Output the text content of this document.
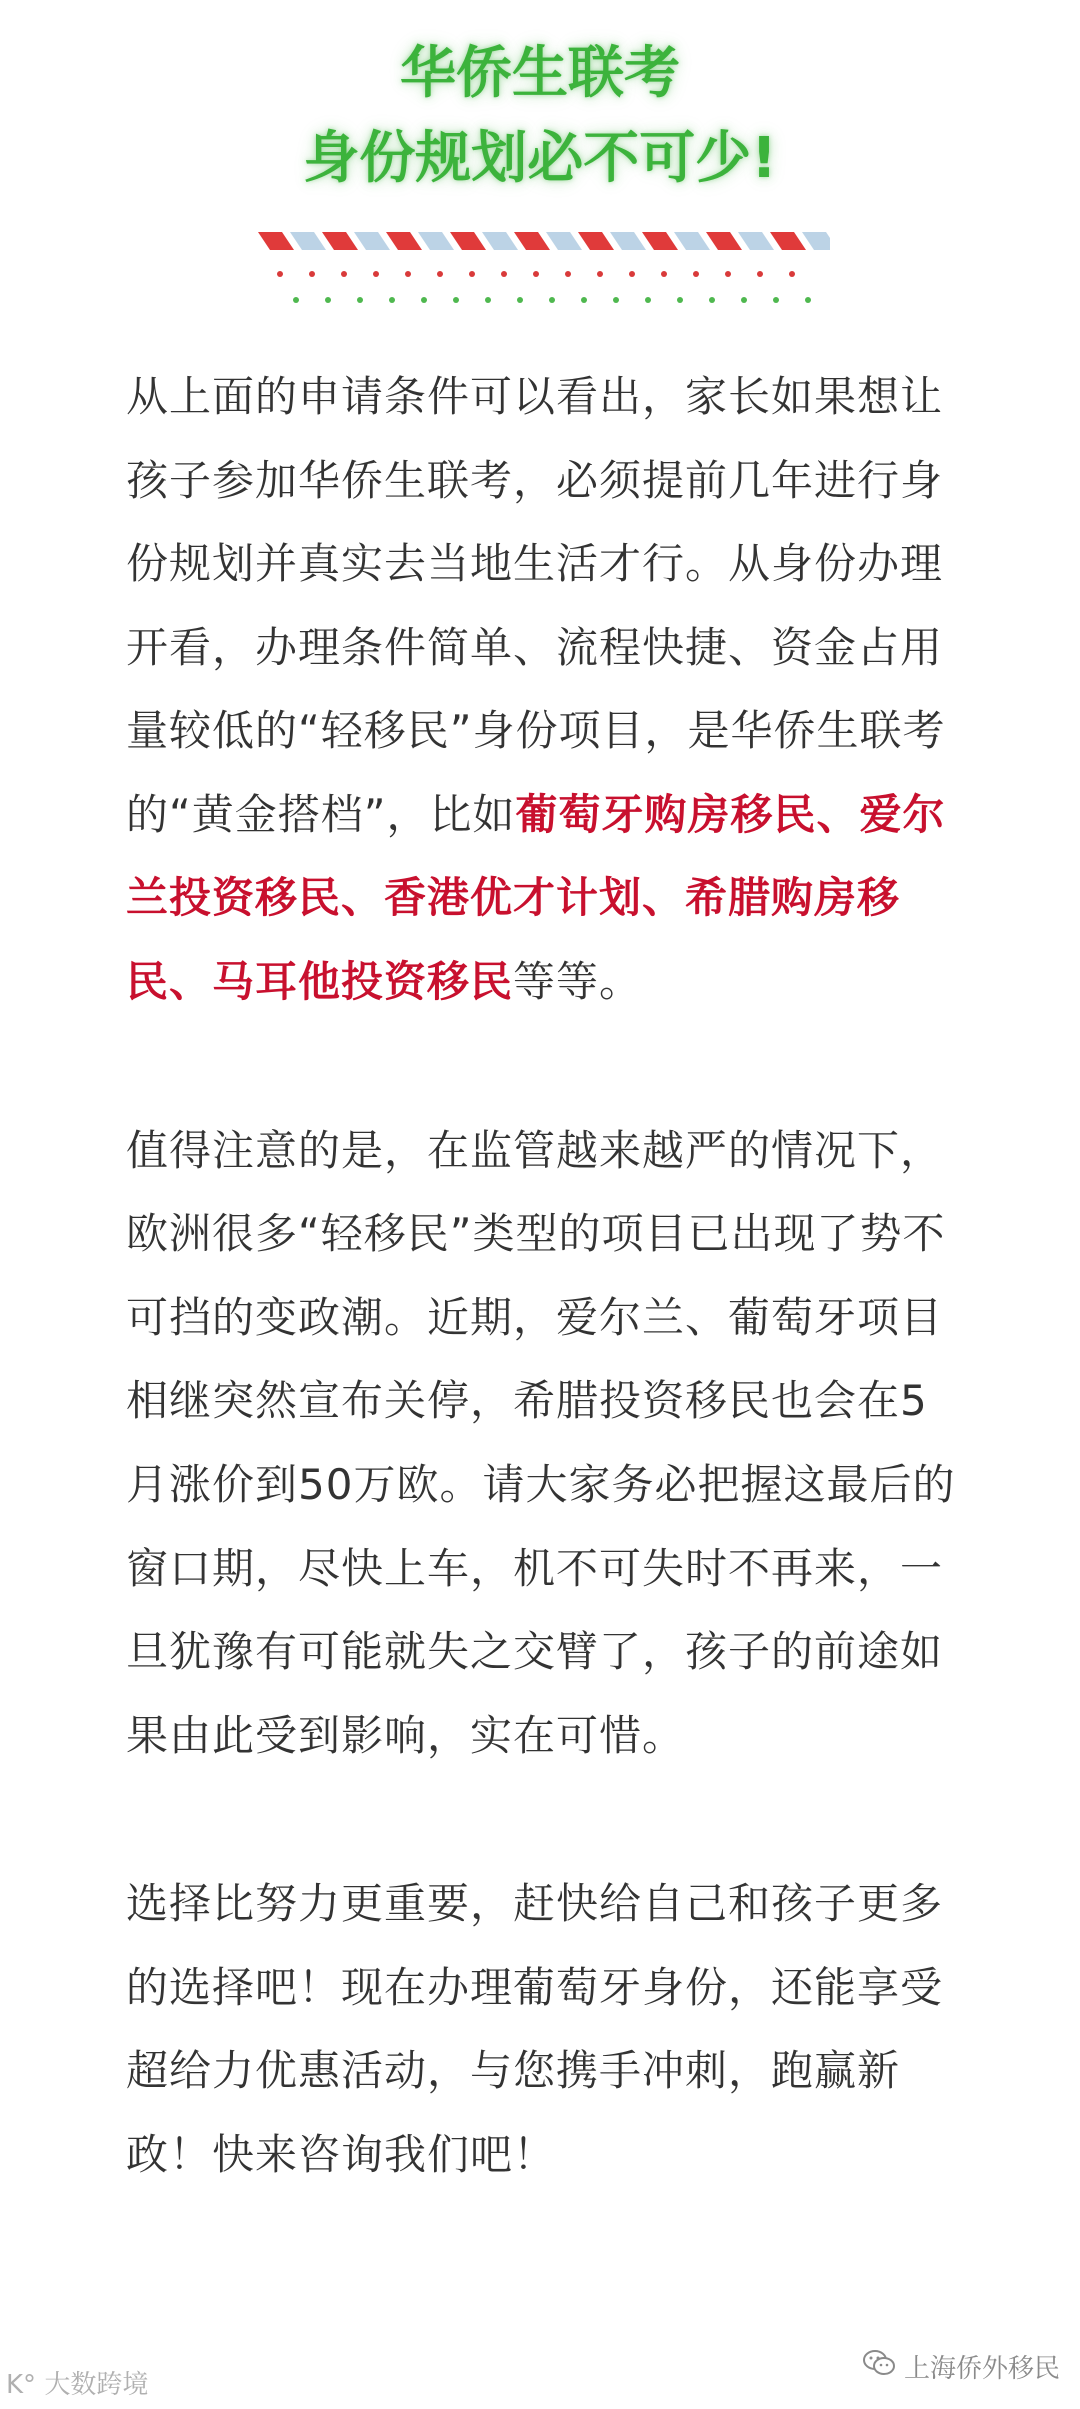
华侨生联考
身份规划必不可少!

从上面的申请条件可以看出，家长如果想让孩子参加华侨生联考，必须提前几年进行身份规划并真实去当地生活才行。从身份办理开看，办理条件简单、流程快捷、资金占用量较低的“轻移民”身份项目，是华侨生联考的“黄金搭档”，比如葡萄牙购房移民、爱尔兰投资移民、香港优才计划、希腊购房移民、马耳他投资移民等等。

值得注意的是，在监管越来越严的情况下，欧洲很多“轻移民”类型的项目已出现了势不可挡的变政潮。近期，爱尔兰、葡萄牙项目相继突然宣布关停，希腊投资移民也会在5月涨价到50万欧。请大家务必把握这最后的窗口期，尽快上车，机不可失时不再来，一旦犹豫有可能就失之交臂了，孩子的前途如果由此受到影响，实在可惜。

选择比努力更重要，赶快给自己和孩子更多的选择吧！现在办理葡萄牙身份，还能享受超给力优惠活动，与您携手冲刺，跑赢新政！快来咨询我们吧！

K° 大数跨境
上海侨外移民
